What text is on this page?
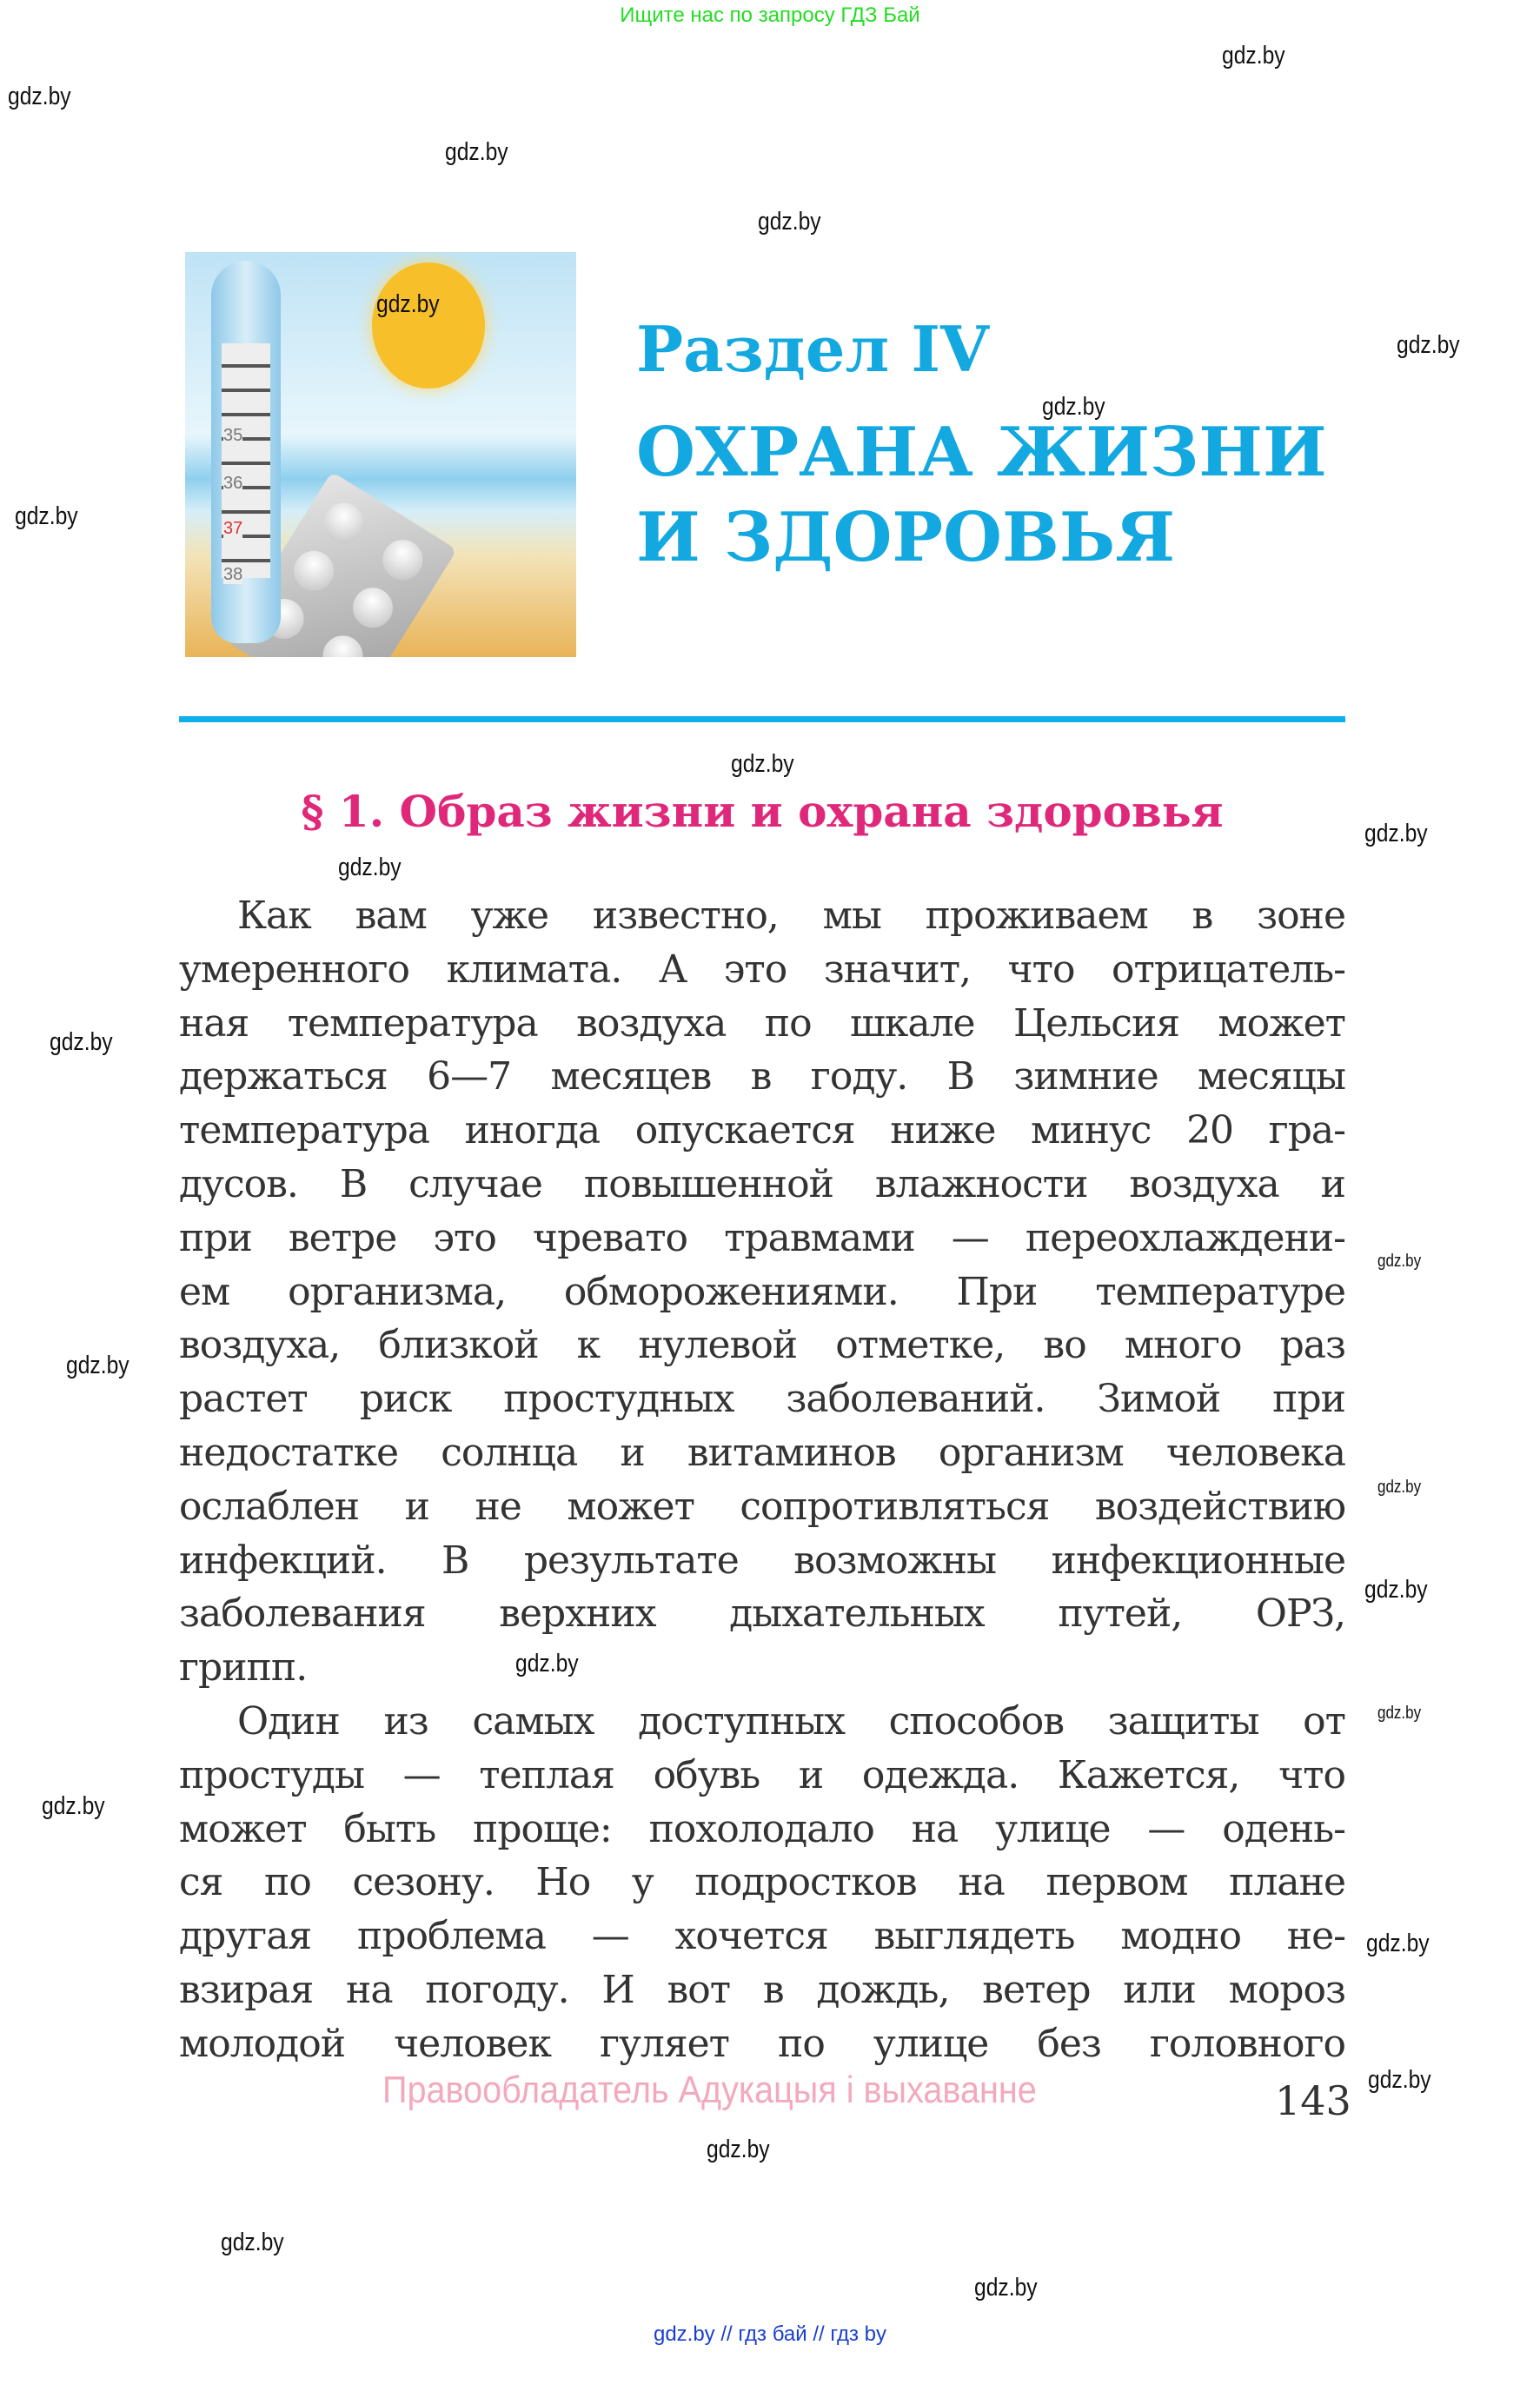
Ищите нас по запросу ГДЗ Бай
35
36
37
38
Раздел IV
ОХРАНА ЖИЗНИ
И ЗДОРОВЬЯ
§ 1. Образ жизни и охрана здоровья
Как вам уже известно, мы проживаем в зоне
умеренного климата. А это значит, что отрицатель-
ная температура воздуха по шкале Цельсия может
держаться 6—7 месяцев в году. В зимние месяцы
температура иногда опускается ниже минус 20 гра-
дусов. В случае повышенной влажности воздуха и
при ветре это чревато травмами — переохлаждени-
ем организма, обморожениями. При температуре
воздуха, близкой к нулевой отметке, во много раз
растет риск простудных заболеваний. Зимой при
недостатке солнца и витаминов организм человека
ослаблен и не может сопротивляться воздействию
инфекций. В результате возможны инфекционные
заболевания верхних дыхательных путей, ОРЗ,
грипп.
Один из самых доступных способов защиты от
простуды — теплая обувь и одежда. Кажется, что
может быть проще: похолодало на улице — одень-
ся по сезону. Но у подростков на первом плане
другая проблема — хочется выглядеть модно не-
взирая на погоду. И вот в дождь, ветер или мороз
молодой человек гуляет по улице без головного
Правообладатель Адукацыя і выхаванне	143
gdz.by // гдз бай // гдз by
gdz.by
gdz.by
gdz.by
gdz.by
gdz.by
gdz.by
gdz.by
gdz.by
gdz.by
gdz.by
gdz.by
gdz.by
gdz.by
gdz.by
gdz.by
gdz.by
gdz.by
gdz.by
gdz.by
gdz.by
gdz.by
gdz.by
gdz.by
gdz.by
